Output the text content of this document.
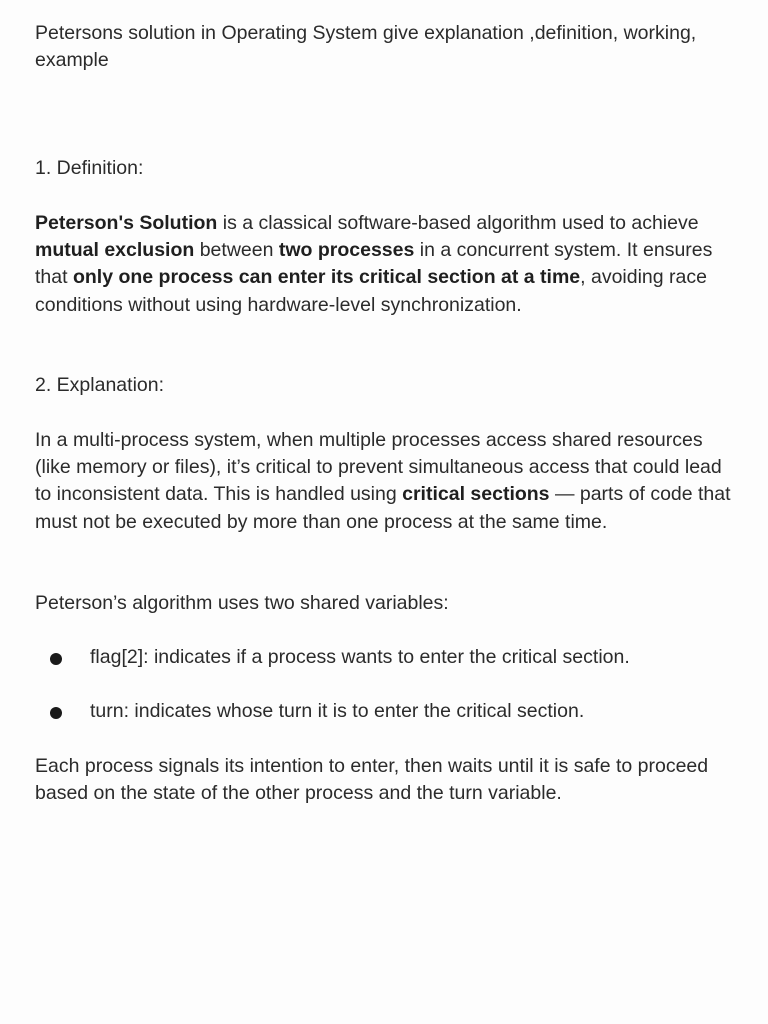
Petersons solution in Operating System give explanation ,definition, working, example

1. Definition:

Peterson's Solution is a classical software-based algorithm used to achieve mutual exclusion between two processes in a concurrent system. It ensures that only one process can enter its critical section at a time, avoiding race conditions without using hardware-level synchronization.

2. Explanation:

In a multi-process system, when multiple processes access shared resources (like memory or files), it’s critical to prevent simultaneous access that could lead to inconsistent data. This is handled using critical sections — parts of code that must not be executed by more than one process at the same time.

Peterson’s algorithm uses two shared variables:

flag[2]: indicates if a process wants to enter the critical section.
turn: indicates whose turn it is to enter the critical section.

Each process signals its intention to enter, then waits until it is safe to proceed based on the state of the other process and the turn variable.
